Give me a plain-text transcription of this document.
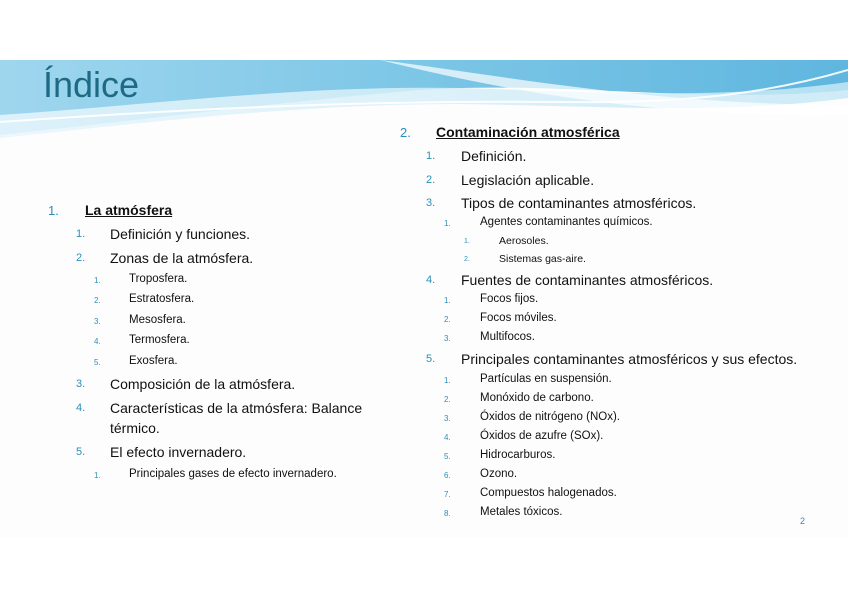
Índice
1. La atmósfera
1. Definición y funciones.
2. Zonas de la atmósfera.
1. Troposfera.
2. Estratosfera.
3. Mesosfera.
4. Termosfera.
5. Exosfera.
3. Composición de la atmósfera.
4. Características de la atmósfera: Balance
térmico.
5. El efecto invernadero.
1. Principales gases de efecto invernadero.
2. Contaminación atmosférica
1. Definición.
2. Legislación aplicable.
3. Tipos de contaminantes atmosféricos.
1.	Agentes contaminantes químicos.
1.	Aerosoles.
2.	Sistemas gas-aire.
4. Fuentes de contaminantes atmosféricos.
1.	Focos fijos.
2.	Focos móviles.
3.	Multifocos.
5. Principales contaminantes atmosféricos y sus efectos.
1.	Partículas en suspensión.
2.	Monóxido de carbono.
3.	Óxidos de nitrógeno (NOx).
4.	Óxidos de azufre (SOx).
5.	Hidrocarburos.
6.	Ozono.
7.	Compuestos halogenados.
8.	Metales tóxicos.
2
